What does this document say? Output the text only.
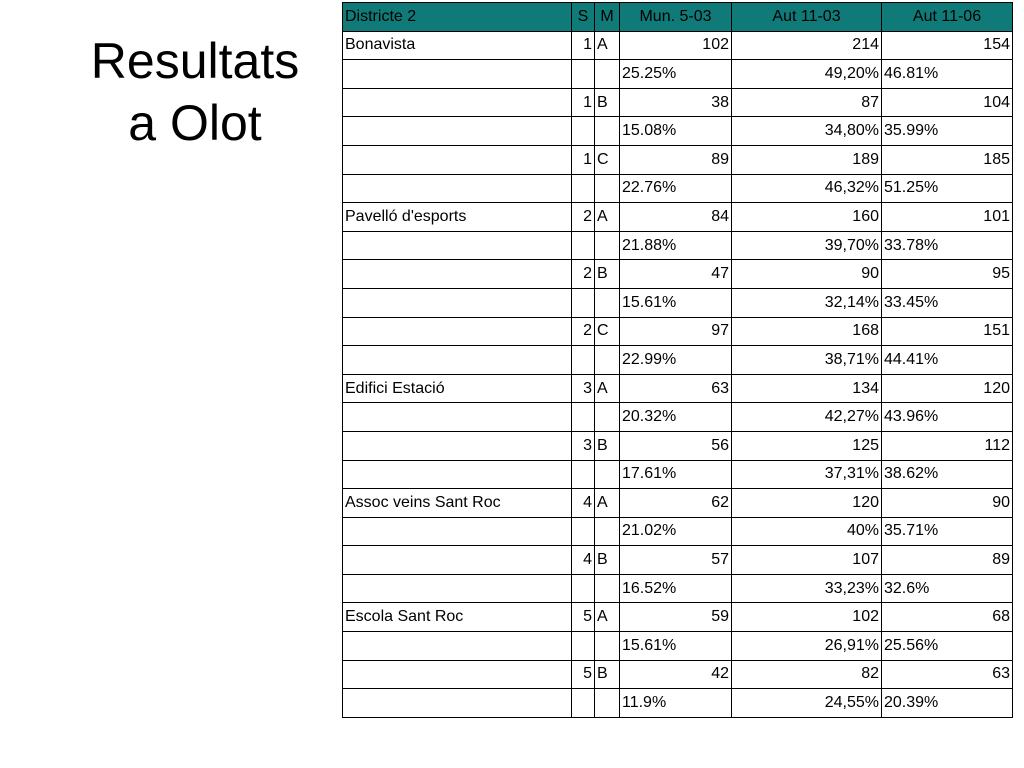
Resultats
a Olot
Districte 2	S	M	Mun. 5-03	Aut 11-03	Aut 11-06
Bonavista	1	A	102	214	154
			25.25%	49,20%	46.81%
	1	B	38	87	104
			15.08%	34,80%	35.99%
	1	C	89	189	185
			22.76%	46,32%	51.25%
Pavelló d'esports	2	A	84	160	101
			21.88%	39,70%	33.78%
	2	B	47	90	95
			15.61%	32,14%	33.45%
	2	C	97	168	151
			22.99%	38,71%	44.41%
Edifici Estació	3	A	63	134	120
			20.32%	42,27%	43.96%
	3	B	56	125	112
			17.61%	37,31%	38.62%
Assoc veins Sant Roc	4	A	62	120	90
			21.02%	40%	35.71%
	4	B	57	107	89
			16.52%	33,23%	32.6%
Escola Sant Roc	5	A	59	102	68
			15.61%	26,91%	25.56%
	5	B	42	82	63
			11.9%	24,55%	20.39%
